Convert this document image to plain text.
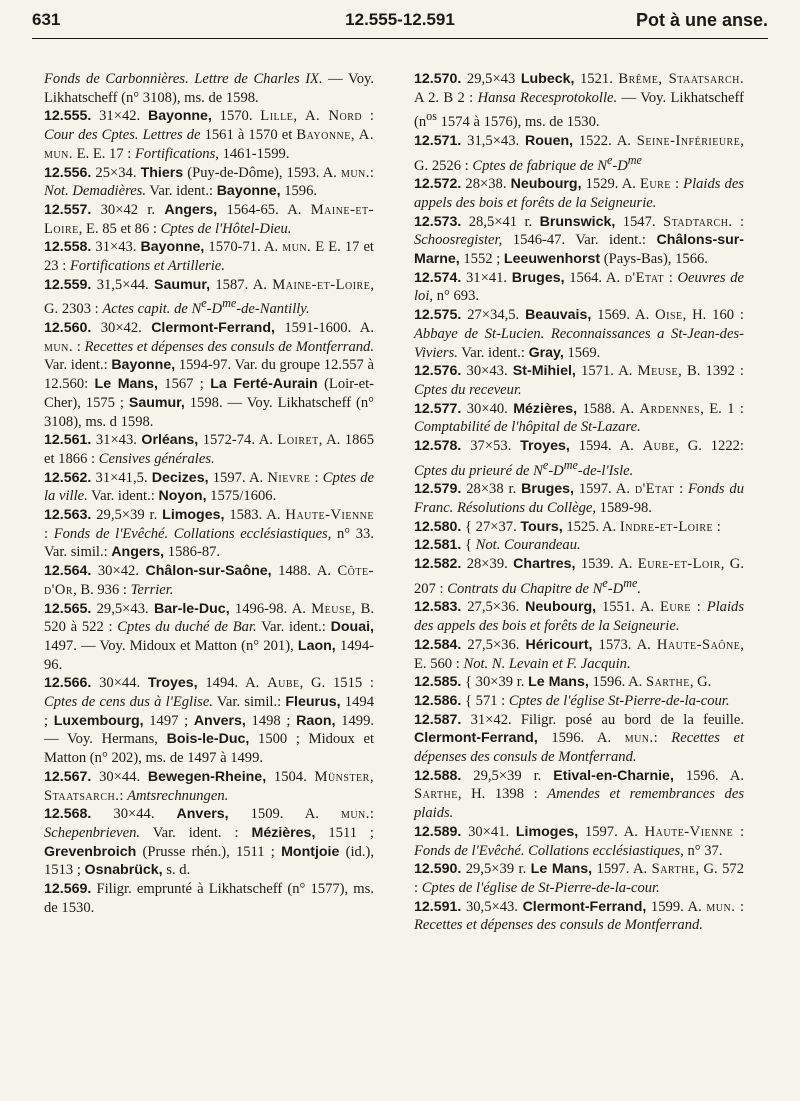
631	12.555-12.591	Pot à une anse.

Fonds de Carbonnières. Lettre de Charles IX. — Voy. Likhatscheff (n° 3108), ms. de 1598.

12.555. 31×42. Bayonne, 1570. Lille, A. Nord : Cour des Cptes. Lettres de 1561 à 1570 et Bayonne, A. mun. E. E. 17 : Fortifications, 1461-1599.

12.556. 25×34. Thiers (Puy-de-Dôme), 1593. A. mun.: Not. Demadières. Var. ident.: Bayonne, 1596.

12.557. 30×42 r. Angers, 1564-65. A. Maine-et-Loire, E. 85 et 86 : Cptes de l'Hôtel-Dieu.

12.558. 31×43. Bayonne, 1570-71. A. mun. E E. 17 et 23 : Fortifications et Artillerie.

12.559. 31,5×44. Saumur, 1587. A. Maine-et-Loire, G. 2303 : Actes capit. de $N^e-D^{me}-de$-Nantilly.

12.560. 30×42. Clermont-Ferrand, 1591-1600. A. mun. : Recettes et dépenses des consuls de Montferrand. Var. ident.: Bayonne, 1594-97. Var. du groupe 12.557 à 12.560: Le Mans, 1567 ; La Ferté-Aurain (Loir-et-Cher), 1575 ; Saumur, 1598. — Voy. Likhatscheff (n° 3108), ms. d 1598.

12.561. 31×43. Orléans, 1572-74. A. Loiret, A. 1865 et 1866 : Censives générales.

12.562. 31×41,5. Decizes, 1597. A. Nievre : Cptes de la ville. Var. ident.: Noyon, 1575/1606.

12.563. 29,5×39 r. Limoges, 1583. A. Haute-Vienne : Fonds de l'Evêché. Collations ecclésiastiques, n° 33. Var. simil.: Angers, 1586-87.

12.564. 30×42. Châlon-sur-Saône, 1488. A. Côte-d'Or, B. 936 : Terrier.

12.565. 29,5×43. Bar-le-Duc, 1496-98. A. Meuse, B. 520 à 522 : Cptes du duché de Bar. Var. ident.: Douai, 1497. — Voy. Midoux et Matton (n° 201), Laon, 1494-96.

12.566. 30×44. Troyes, 1494. A. Aube, G. 1515 : Cptes de cens dus à l'Eglise. Var. simil.: Fleurus, 1494 ; Luxembourg, 1497 ; Anvers, 1498 ; Raon, 1499. — Voy. Hermans, Bois-le-Duc, 1500 ; Midoux et Matton (n° 202), ms. de 1497 à 1499.

12.567. 30×44. Bewegen-Rheine, 1504. Münster, Staatsarch.: Amtsrechnungen.

12.568. 30×44. Anvers, 1509. A. mun.: Schepenbrieven. Var. ident. : Mézières, 1511 ; Grevenbroich (Prusse rhén.), 1511 ; Montjoie (id.), 1513 ; Osnabrück, s. d.

12.569. Filigr. emprunté à Likhatscheff (n° 1577), ms. de 1530.

12.570. 29,5×43 Lubeck, 1521. Brême, Staatsarch. A 2. B 2 : Hansa Recesprotokolle. — Voy. Likhatscheff ($n^{os}$ 1574 à 1576), ms. de 1530.

12.571. 31,5×43. Rouen, 1522. A. Seine-Inférieure, G. 2526 : Cptes de fabrique de $N^e-D^{me}$

12.572. 28×38. Neubourg, 1529. A. Eure : Plaids des appels des bois et forêts de la Seigneurie.

12.573. 28,5×41 r. Brunswick, 1547. Stadtarch. : Schoosregister, 1546-47. Var. ident.: Châlons-sur-Marne, 1552 ; Leeuwenhorst (Pays-Bas), 1566.

12.574. 31×41. Bruges, 1564. A. d'Etat : Oeuvres de loi, n° 693.

12.575. 27×34,5. Beauvais, 1569. A. Oise, H. 160 : Abbaye de St-Lucien. Reconnaissances a St-Jean-des-Viviers. Var. ident.: Gray, 1569.

12.576. 30×43. St-Mihiel, 1571. A. Meuse, B. 1392 : Cptes du receveur.

12.577. 30×40. Mézières, 1588. A. Ardennes, E. 1 : Comptabilité de l'hôpital de St-Lazare.

12.578. 37×53. Troyes, 1594. A. Aube, G. 1222: Cptes du prieuré de $N^e-D^{me}-de-l'Isle$.

12.579. 28×38 r. Bruges, 1597. A. d'Etat : Fonds du Franc. Résolutions du Collège, 1589-98.

12.580. { 27×37. Tours, 1525. A. Indre-et-Loire :

12.581. { Not. Courandeau.

12.582. 28×39. Chartres, 1539. A. Eure-et-Loir, G. 207 : Contrats du Chapitre de $N^e-D^{me}$.

12.583. 27,5×36. Neubourg, 1551. A. Eure : Plaids des appels des bois et forêts de la Seigneurie.

12.584. 27,5×36. Héricourt, 1573. A. Haute-Saône, E. 560 : Not. N. Levain et F. Jacquin.

12.585. { 30×39 r. Le Mans, 1596. A. Sarthe, G.

12.586. { 571 : Cptes de l'église St-Pierre-de-la-cour.

12.587. 31×42. Filigr. posé au bord de la feuille. Clermont-Ferrand, 1596. A. mun.: Recettes et dépenses des consuls de Montferrand.

12.588. 29,5×39 r. Etival-en-Charnie, 1596. A. Sarthe, H. 1398 : Amendes et remembrances des plaids.

12.589. 30×41. Limoges, 1597. A. Haute-Vienne : Fonds de l'Evêché. Collations ecclésiastiques, n° 37.

12.590. 29,5×39 r. Le Mans, 1597. A. Sarthe, G. 572 : Cptes de l'église de St-Pierre-de-la-cour.

12.591. 30,5×43. Clermont-Ferrand, 1599. A. mun. : Recettes et dépenses des consuls de Montferrand.
